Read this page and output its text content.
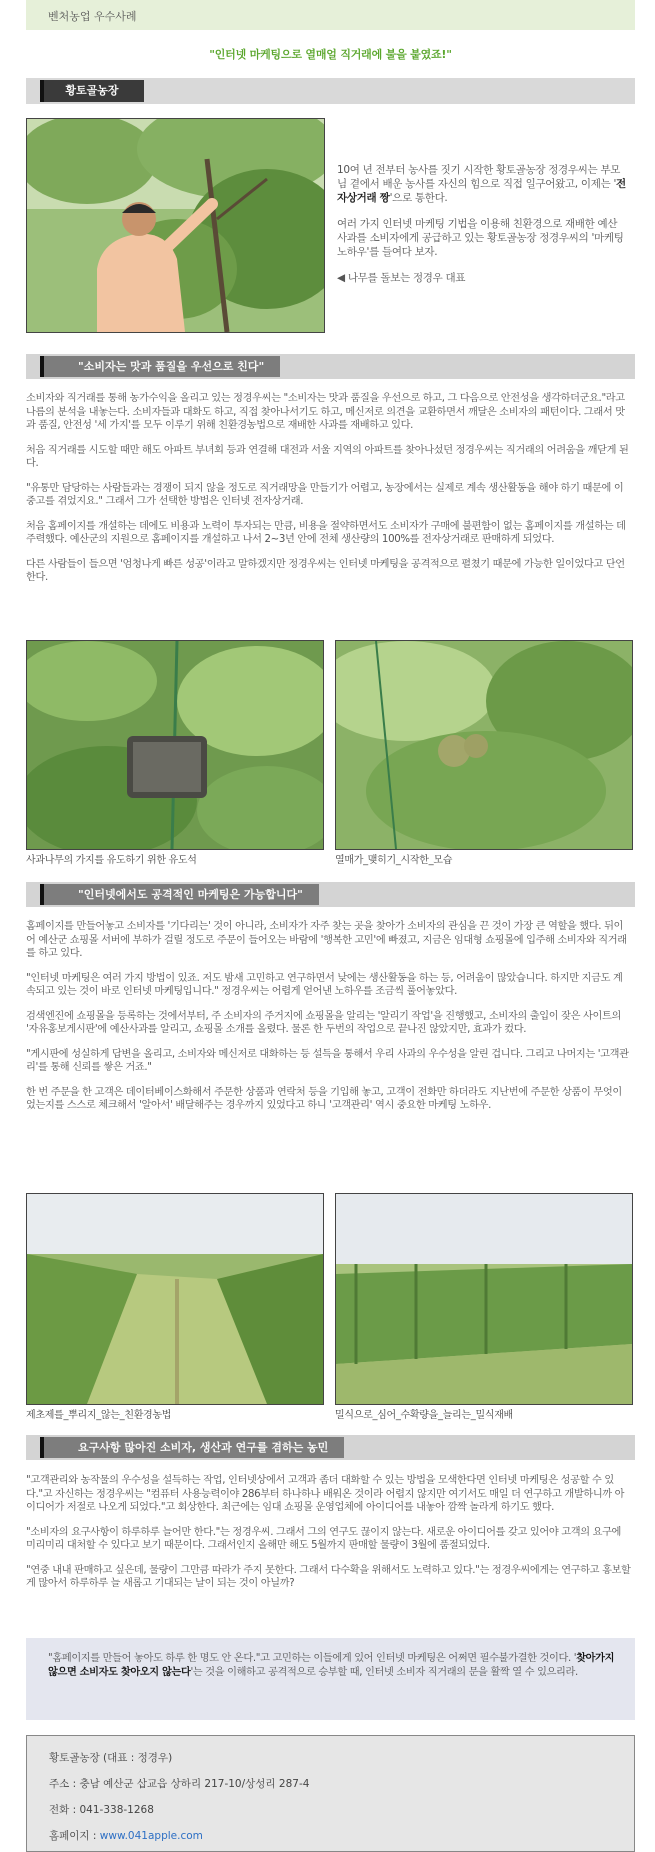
벤처농업 우수사례
"인터넷 마케팅으로 열매얼 직거래에 불을 붙였죠!"
황토골농장

10여 년 전부터 농사를 짓기 시작한 황토골농장 정경우씨는 부모님 곁에서 배운 농사를 자신의 힘으로 직접 일구어왔고, 이제는 '전자상거래 짱'으로 통한다.

여러 가지 인터넷 마케팅 기법을 이용해 친환경으로 재배한 예산사과를 소비자에게 공급하고 있는 황토골농장 정경우씨의 '마케팅 노하우'를 들여다 보자.

◀ 나무를 돌보는 정경우 대표

"소비자는 맛과 품질을 우선으로 친다"

소비자와 직거래를 통해 농가수익을 올리고 있는 정경우씨는 "소비자는 맛과 품질을 우선으로 하고, 그 다음으로 안전성을 생각하더군요."라고 나름의 분석을 내놓는다. 소비자들과 대화도 하고, 직접 찾아나서기도 하고, 메신저로 의견을 교환하면서 깨달은 소비자의 패턴이다. 그래서 맛과 품질, 안전성 '세 가지'를 모두 이루기 위해 친환경농법으로 재배한 사과를 재배하고 있다.

처음 직거래를 시도할 때만 해도 아파트 부녀회 등과 연결해 대전과 서울 지역의 아파트를 찾아나섰던 정경우씨는 직거래의 어려움을 깨닫게 된다.

"유통만 담당하는 사람들과는 경쟁이 되지 않을 정도로 직거래망을 만들기가 어렵고, 농장에서는 실제로 계속 생산활동을 해야 하기 때문에 이중고를 겪었지요." 그래서 그가 선택한 방법은 인터넷 전자상거래.

처음 홈페이지를 개설하는 데에도 비용과 노력이 투자되는 만큼, 비용을 절약하면서도 소비자가 구매에 불편함이 없는 홈페이지를 개설하는 데 주력했다. 예산군의 지원으로 홈페이지를 개설하고 나서 2~3년 안에 전체 생산량의 100%를 전자상거래로 판매하게 되었다.

다른 사람들이 들으면 '엄청나게 빠른 성공'이라고 말하겠지만 정경우씨는 인터넷 마케팅을 공격적으로 펼쳤기 때문에 가능한 일이었다고 단언한다.

사과나무의 가지를 유도하기 위한 유도석	열매가_맺히기_시작한_모습
"인터넷에서도 공격적인 마케팅은 가능합니다"

홈페이지를 만들어놓고 소비자를 '기다리는' 것이 아니라, 소비자가 자주 찾는 곳을 찾아가 소비자의 관심을 끈 것이 가장 큰 역할을 했다. 뒤이어 예산군 쇼핑몰 서버에 부하가 걸릴 정도로 주문이 들어오는 바람에 '행복한 고민'에 빠졌고, 지금은 임대형 쇼핑몰에 입주해 소비자와 직거래를 하고 있다.

"인터넷 마케팅은 여러 가지 방법이 있죠. 저도 밤새 고민하고 연구하면서 낮에는 생산활동을 하는 등, 어려움이 많았습니다. 하지만 지금도 계속되고 있는 것이 바로 인터넷 마케팅입니다." 정경우씨는 어렵게 얻어낸 노하우를 조금씩 풀어놓았다.

검색엔진에 쇼핑몰을 등록하는 것에서부터, 주 소비자의 주거지에 쇼핑몰을 알리는 '알리기 작업'을 진행했고, 소비자의 출입이 잦은 사이트의 '자유홍보게시판'에 예산사과를 알리고, 쇼핑몰 소개를 올렸다. 물론 한 두번의 작업으로 끝나진 않았지만, 효과가 컸다.

"게시판에 성실하게 답변을 올리고, 소비자와 메신저로 대화하는 등 설득을 통해서 우리 사과의 우수성을 알린 겁니다. 그리고 나머지는 '고객관리'를 통해 신뢰를 쌓은 거죠."

한 번 주문을 한 고객은 데이터베이스화해서 주문한 상품과 연락처 등을 기입해 놓고, 고객이 전화만 하더라도 지난번에 주문한 상품이 무엇이었는지를 스스로 체크해서 '알아서' 배달해주는 경우까지 있었다고 하니 '고객관리' 역시 중요한 마케팅 노하우.

제초제를_뿌리지_않는_친환경농법	밀식으로_심어_수확량을_늘리는_밀식재배
요구사항 많아진 소비자, 생산과 연구를 겸하는 농민

"고객관리와 농작물의 우수성을 설득하는 작업, 인터넷상에서 고객과 좀더 대화할 수 있는 방법을 모색한다면 인터넷 마케팅은 성공할 수 있다."고 자신하는 정경우씨는 "컴퓨터 사용능력이야 286부터 하나하나 배워온 것이라 어렵지 않지만 여기서도 매일 더 연구하고 개발하니까 아이디어가 저절로 나오게 되었다."고 회상한다. 최근에는 임대 쇼핑몰 운영업체에 아이디어를 내놓아 깜짝 놀라게 하기도 했다.

"소비자의 요구사항이 하루하루 늘어만 한다."는 정경우씨. 그래서 그의 연구도 끊이지 않는다. 새로운 아이디어를 갖고 있어야 고객의 요구에 미리미리 대처할 수 있다고 보기 때문이다. 그래서인지 올해만 해도 5월까지 판매할 물량이 3월에 품절되었다.

"연중 내내 판매하고 싶은데, 물량이 그만큼 따라가 주지 못한다. 그래서 다수확을 위해서도 노력하고 있다."는 정경우씨에게는 연구하고 홍보할 게 많아서 하루하루 늘 새롭고 기대되는 날이 되는 것이 아닐까?

"홈페이지를 만들어 놓아도 하루 한 명도 안 온다."고 고민하는 이들에게 있어 인터넷 마케팅은 어쩌면 필수불가결한 것이다. '찾아가지 않으면 소비자도 찾아오지 않는다'는 것을 이해하고 공격적으로 승부할 때, 인터넷 소비자 직거래의 문을 활짝 열 수 있으리라.

황토골농장 (대표 : 정경우)
주소 : 충남 예산군 삽교읍 상하리 217-10/상성리 287-4
전화 : 041-338-1268
홈페이지 : www.041apple.com
